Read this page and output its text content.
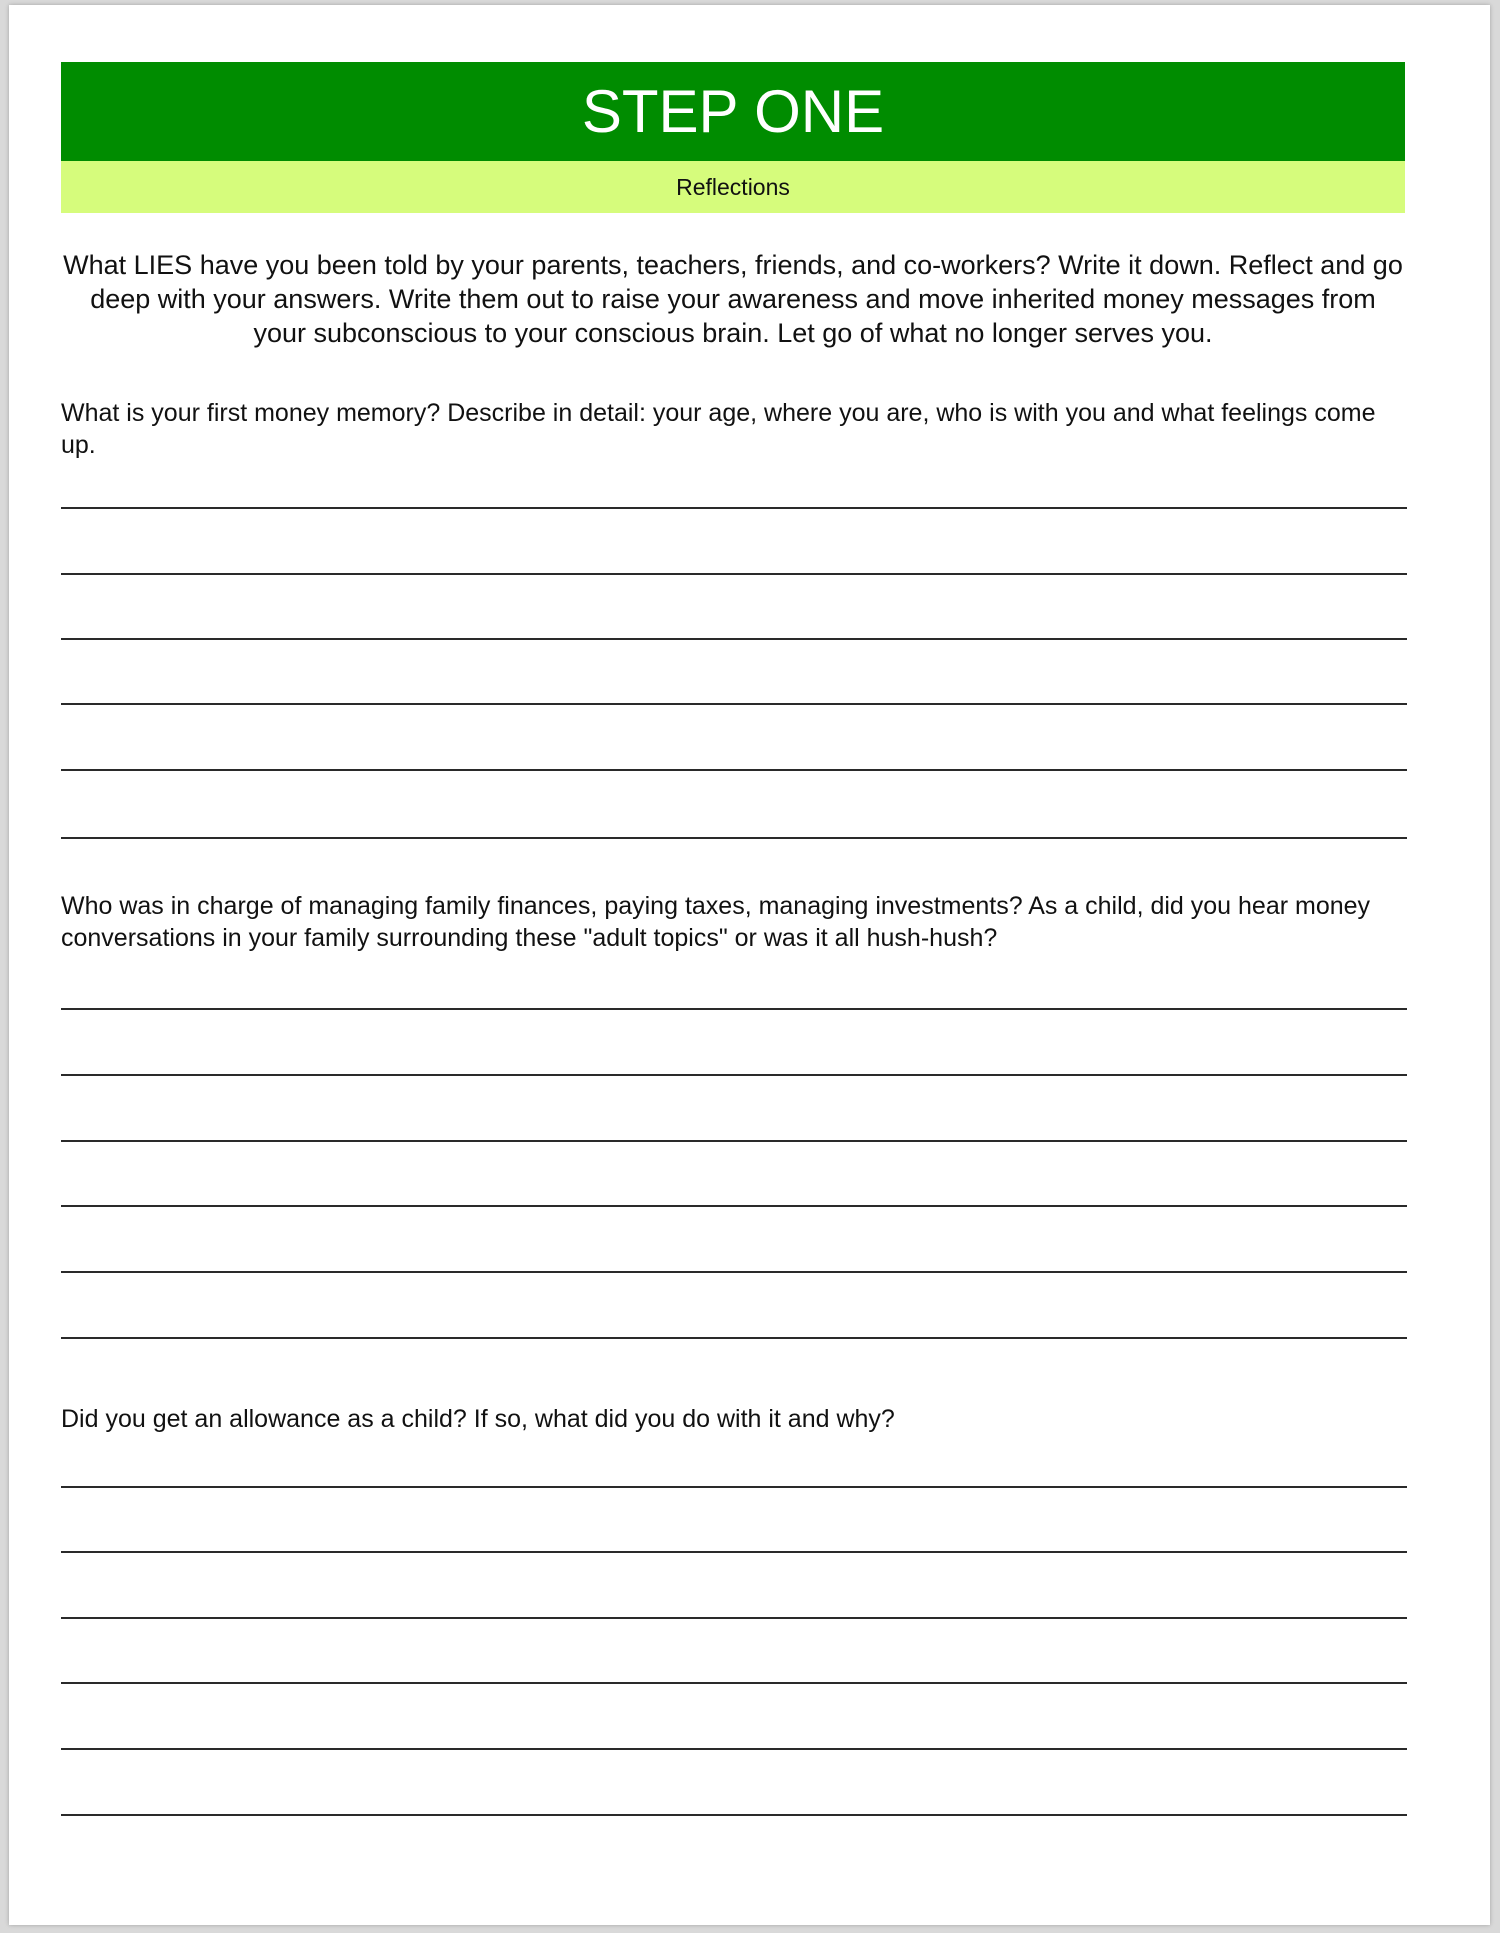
STEP ONE
Reflections
What LIES have you been told by your parents, teachers, friends, and co-workers? Write it down. Reflect and go deep with your answers. Write them out to raise your awareness and move inherited money messages from your subconscious to your conscious brain. Let go of what no longer serves you.
What is your first money memory? Describe in detail: your age, where you are, who is with you and what feelings come up.
Who was in charge of managing family finances, paying taxes, managing investments? As a child, did you hear money conversations in your family surrounding these "adult topics" or was it all hush-hush?
Did you get an allowance as a child? If so, what did you do with it and why?
